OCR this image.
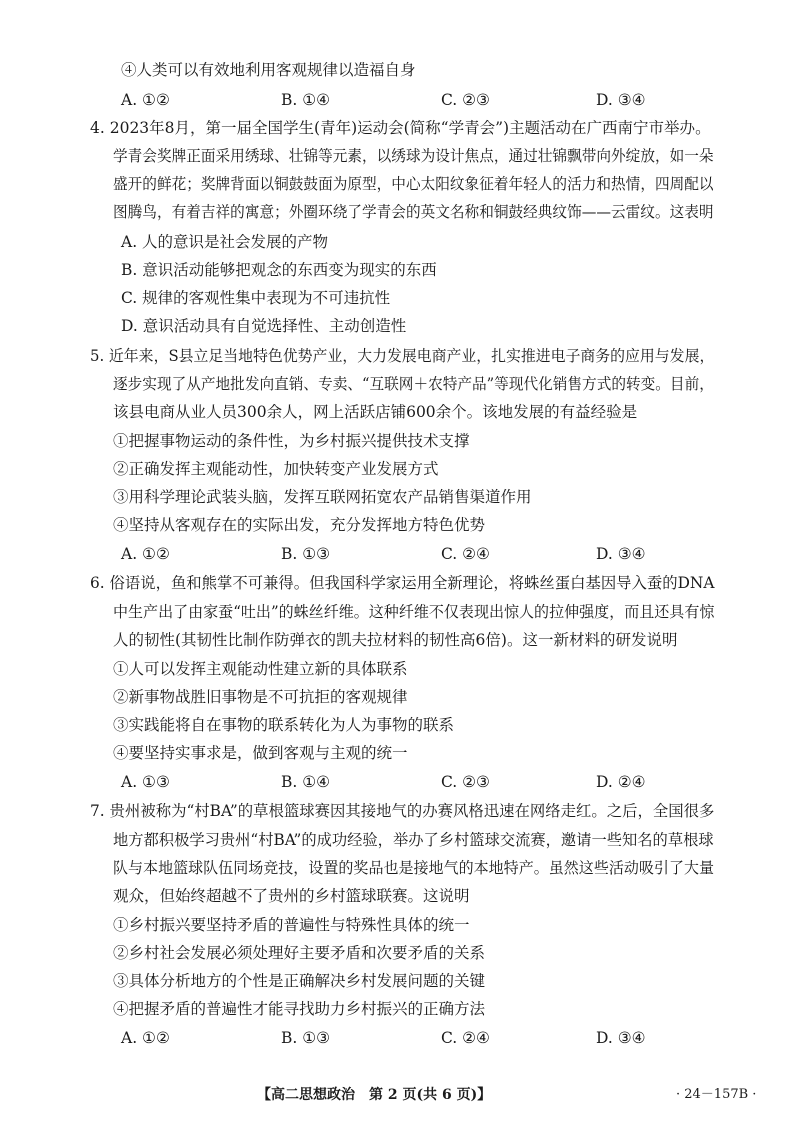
④人类可以有效地利用客观规律以造福自身
A. ①②	B. ①④	C. ②③	D. ③④
4. 2023年8月，第一届全国学生(青年)运动会(简称“学青会”)主题活动在广西南宁市举办。
学青会奖牌正面采用绣球、壮锦等元素，以绣球为设计焦点，通过壮锦飘带向外绽放，如一朵
盛开的鲜花；奖牌背面以铜鼓鼓面为原型，中心太阳纹象征着年轻人的活力和热情，四周配以
图腾鸟，有着吉祥的寓意；外圈环绕了学青会的英文名称和铜鼓经典纹饰——云雷纹。这表明
A. 人的意识是社会发展的产物
B. 意识活动能够把观念的东西变为现实的东西
C. 规律的客观性集中表现为不可违抗性
D. 意识活动具有自觉选择性、主动创造性
5. 近年来，S县立足当地特色优势产业，大力发展电商产业，扎实推进电子商务的应用与发展，
逐步实现了从产地批发向直销、专卖、“互联网＋农特产品”等现代化销售方式的转变。目前，
该县电商从业人员300余人，网上活跃店铺600余个。该地发展的有益经验是
①把握事物运动的条件性，为乡村振兴提供技术支撑
②正确发挥主观能动性，加快转变产业发展方式
③用科学理论武装头脑，发挥互联网拓宽农产品销售渠道作用
④坚持从客观存在的实际出发，充分发挥地方特色优势
A. ①②	B. ①③	C. ②④	D. ③④
6. 俗语说，鱼和熊掌不可兼得。但我国科学家运用全新理论，将蛛丝蛋白基因导入蚕的DNA
中生产出了由家蚕“吐出”的蛛丝纤维。这种纤维不仅表现出惊人的拉伸强度，而且还具有惊
人的韧性(其韧性比制作防弹衣的凯夫拉材料的韧性高6倍)。这一新材料的研发说明
①人可以发挥主观能动性建立新的具体联系
②新事物战胜旧事物是不可抗拒的客观规律
③实践能将自在事物的联系转化为人为事物的联系
④要坚持实事求是，做到客观与主观的统一
A. ①③	B. ①④	C. ②③	D. ②④
7. 贵州被称为“村BA”的草根篮球赛因其接地气的办赛风格迅速在网络走红。之后，全国很多
地方都积极学习贵州“村BA”的成功经验，举办了乡村篮球交流赛，邀请一些知名的草根球
队与本地篮球队伍同场竞技，设置的奖品也是接地气的本地特产。虽然这些活动吸引了大量
观众，但始终超越不了贵州的乡村篮球联赛。这说明
①乡村振兴要坚持矛盾的普遍性与特殊性具体的统一
②乡村社会发展必须处理好主要矛盾和次要矛盾的关系
③具体分析地方的个性是正确解决乡村发展问题的关键
④把握矛盾的普遍性才能寻找助力乡村振兴的正确方法
A. ①②	B. ①③	C. ②④	D. ③④
【高二思想政治　第 2 页(共 6 页)】	· 24－157B ·
